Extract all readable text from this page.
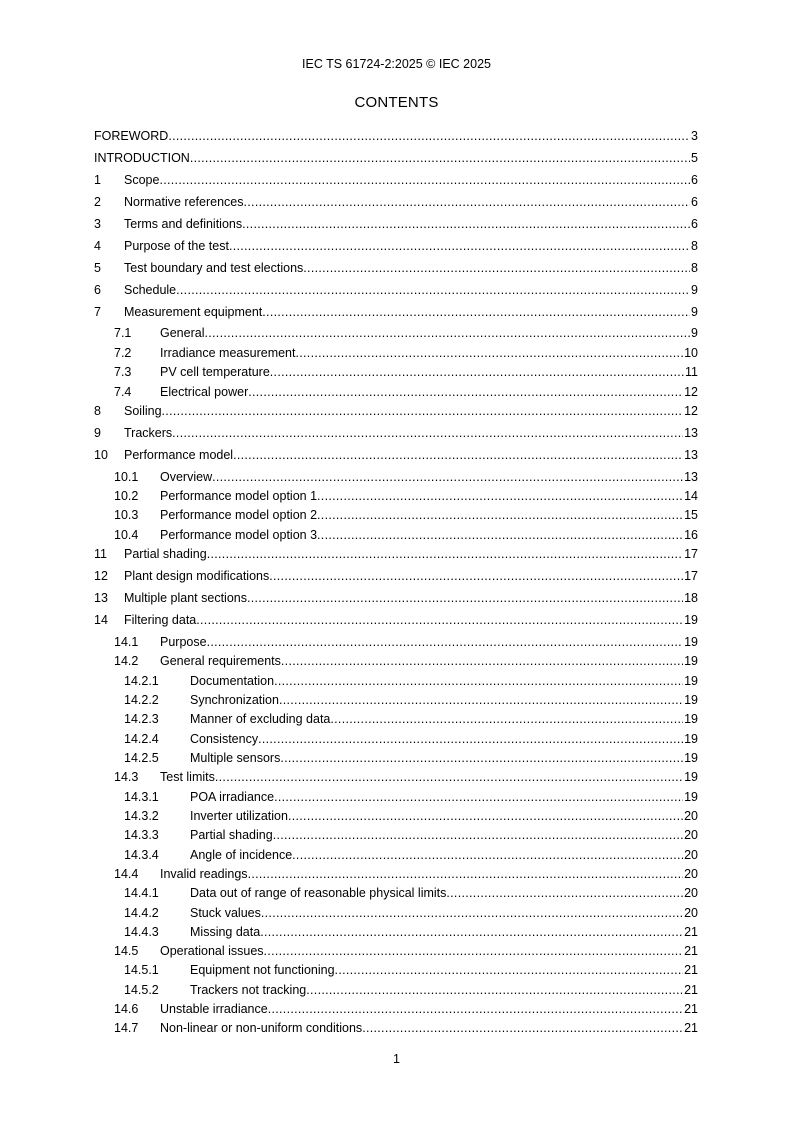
IEC TS 61724-2:2025 © IEC 2025
CONTENTS
FOREWORD .....	3
INTRODUCTION .....	5
1	Scope .....	6
2	Normative references .....	6
3	Terms and definitions .....	6
4	Purpose of the test .....	8
5	Test boundary and test elections .....	8
6	Schedule .....	9
7	Measurement equipment .....	9
7.1	General .....	9
7.2	Irradiance measurement .....	10
7.3	PV cell temperature .....	11
7.4	Electrical power .....	12
8	Soiling .....	12
9	Trackers .....	13
10	Performance model .....	13
10.1	Overview .....	13
10.2	Performance model option 1 .....	14
10.3	Performance model option 2 .....	15
10.4	Performance model option 3 .....	16
11	Partial shading .....	17
12	Plant design modifications .....	17
13	Multiple plant sections .....	18
14	Filtering data .....	19
14.1	Purpose .....	19
14.2	General requirements .....	19
14.2.1	Documentation .....	19
14.2.2	Synchronization .....	19
14.2.3	Manner of excluding data .....	19
14.2.4	Consistency .....	19
14.2.5	Multiple sensors .....	19
14.3	Test limits .....	19
14.3.1	POA irradiance .....	19
14.3.2	Inverter utilization .....	20
14.3.3	Partial shading .....	20
14.3.4	Angle of incidence .....	20
14.4	Invalid readings .....	20
14.4.1	Data out of range of reasonable physical limits .....	20
14.4.2	Stuck values .....	20
14.4.3	Missing data .....	21
14.5	Operational issues .....	21
14.5.1	Equipment not functioning .....	21
14.5.2	Trackers not tracking .....	21
14.6	Unstable irradiance .....	21
14.7	Non-linear or non-uniform conditions .....	21
1
